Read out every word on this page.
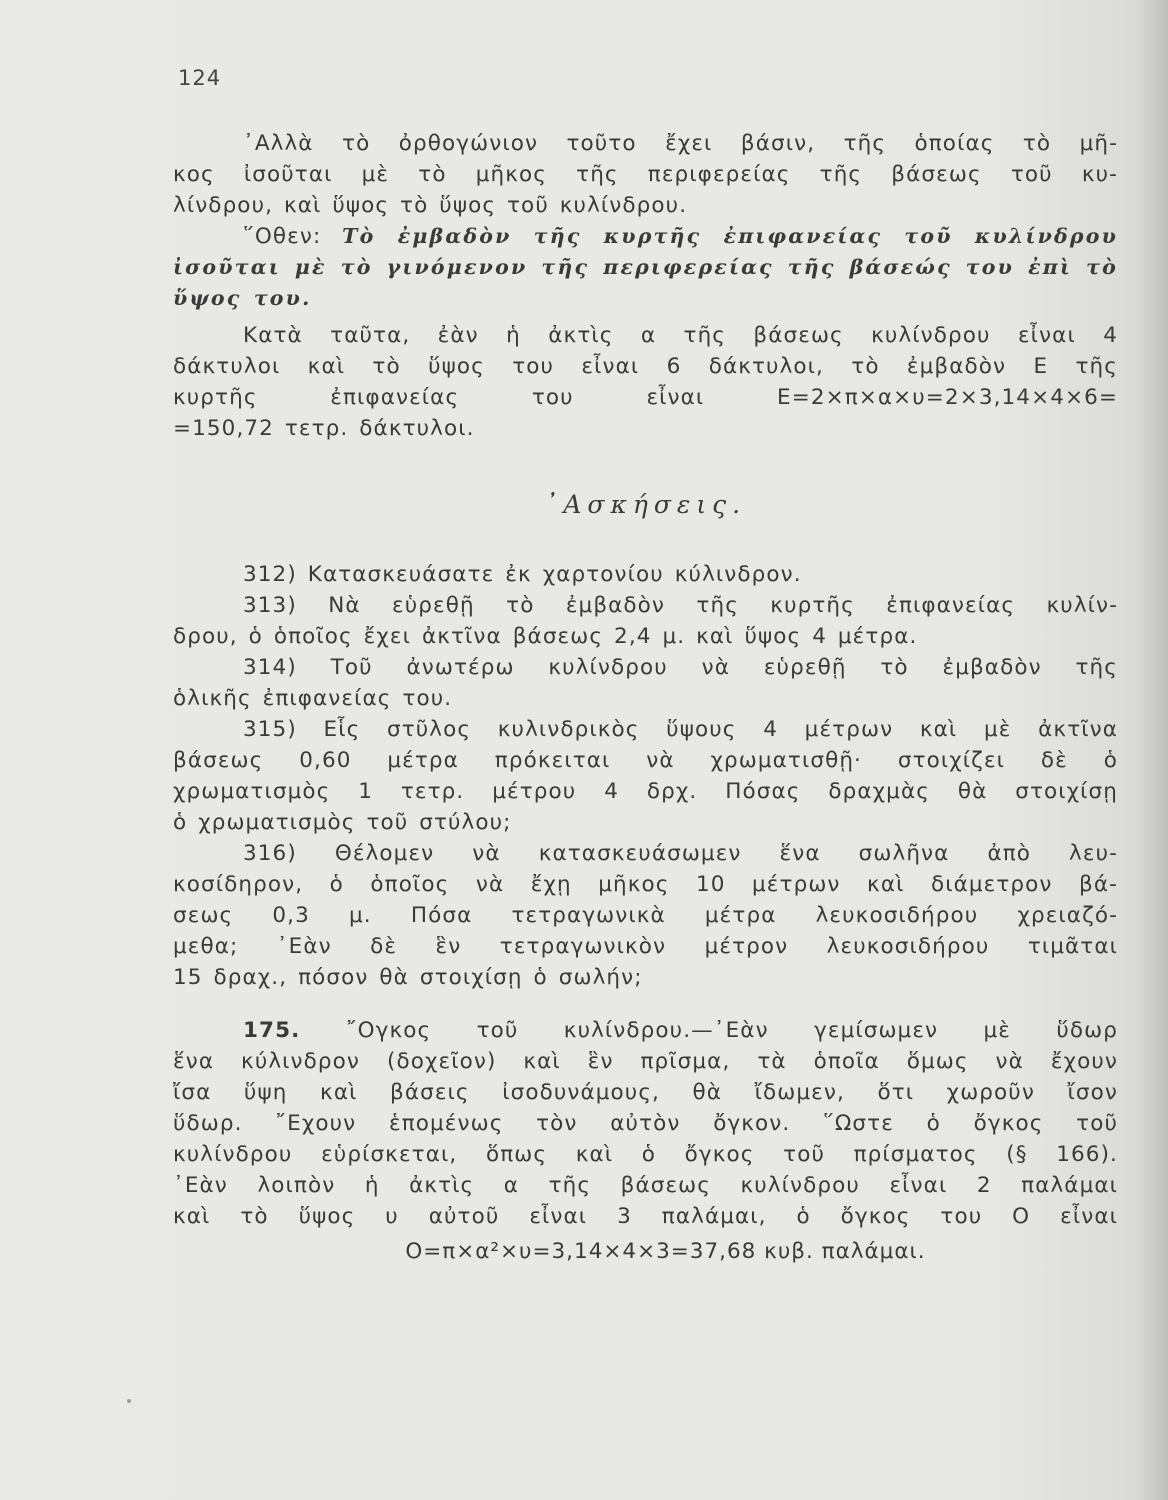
124

᾽Αλλὰ τὸ ὀρθογώνιον τοῦτο ἔχει βάσιν, τῆς ὁποίας τὸ μῆ-
κος ἰσοῦται μὲ τὸ μῆκος τῆς περιφερείας τῆς βάσεως τοῦ κυ-
λίνδρου, καὶ ὕψος τὸ ὕψος τοῦ κυλίνδρου.

῞Οθεν: Τὸ ἐμβαδὸν τῆς κυρτῆς ἐπιφανείας τοῦ κυλίνδρου
ἰσοῦται μὲ τὸ γινόμενον τῆς περιφερείας τῆς βάσεώς του ἐπὶ τὸ
ὕψος του.

Κατὰ ταῦτα, ἐὰν ἡ ἀκτὶς α τῆς βάσεως κυλίνδρου εἶναι 4
δάκτυλοι καὶ τὸ ὕψος του εἶναι 6 δάκτυλοι, τὸ ἐμβαδὸν Ε τῆς
κυρτῆς ἐπιφανείας του εἶναι Ε=2×π×α×υ=2×3,14×4×6=
=150,72 τετρ. δάκτυλοι.

᾽Ασκήσεις.

312) Κατασκευάσατε ἐκ χαρτονίου κύλινδρον.

313) Νὰ εὑρεθῇ τὸ ἐμβαδὸν τῆς κυρτῆς ἐπιφανείας κυλίν-
δρου, ὁ ὁποῖος ἔχει ἀκτῖνα βάσεως 2,4 μ. καὶ ὕψος 4 μέτρα.

314) Τοῦ ἀνωτέρω κυλίνδρου νὰ εὑρεθῇ τὸ ἐμβαδὸν τῆς
ὁλικῆς ἐπιφανείας του.

315) Εἷς στῦλος κυλινδρικὸς ὕψους 4 μέτρων καὶ μὲ ἀκτῖνα
βάσεως 0,60 μέτρα πρόκειται νὰ χρωματισθῇ· στοιχίζει δὲ ὁ
χρωματισμὸς 1 τετρ. μέτρου 4 δρχ. Πόσας δραχμὰς θὰ στοιχίσῃ
ὁ χρωματισμὸς τοῦ στύλου;

316) Θέλομεν νὰ κατασκευάσωμεν ἕνα σωλῆνα ἀπὸ λευ-
κοσίδηρον, ὁ ὁποῖος νὰ ἔχῃ μῆκος 10 μέτρων καὶ διάμετρον βά-
σεως 0,3 μ. Πόσα τετραγωνικὰ μέτρα λευκοσιδήρου χρειαζό-
μεθα; ᾽Εὰν δὲ ἓν τετραγωνικὸν μέτρον λευκοσιδήρου τιμᾶται
15 δραχ., πόσον θὰ στοιχίσῃ ὁ σωλήν;

175. ῎Ογκος τοῦ κυλίνδρου.—᾽Εὰν γεμίσωμεν μὲ ὕδωρ
ἕνα κύλινδρον (δοχεῖον) καὶ ἓν πρῖσμα, τὰ ὁποῖα ὅμως νὰ ἔχουν
ἴσα ὕψη καὶ βάσεις ἰσοδυνάμους, θὰ ἴδωμεν, ὅτι χωροῦν ἴσον
ὕδωρ. ῎Εχουν ἑπομένως τὸν αὐτὸν ὄγκον. ῞Ωστε ὁ ὄγκος τοῦ
κυλίνδρου εὑρίσκεται, ὅπως καὶ ὁ ὄγκος τοῦ πρίσματος (§ 166).
᾽Εὰν λοιπὸν ἡ ἀκτὶς α τῆς βάσεως κυλίνδρου εἶναι 2 παλάμαι
καὶ τὸ ὕψος υ αὐτοῦ εἶναι 3 παλάμαι, ὁ ὄγκος του Ο εἶναι

Ο=π×α²×υ=3,14×4×3=37,68 κυβ. παλάμαι.
